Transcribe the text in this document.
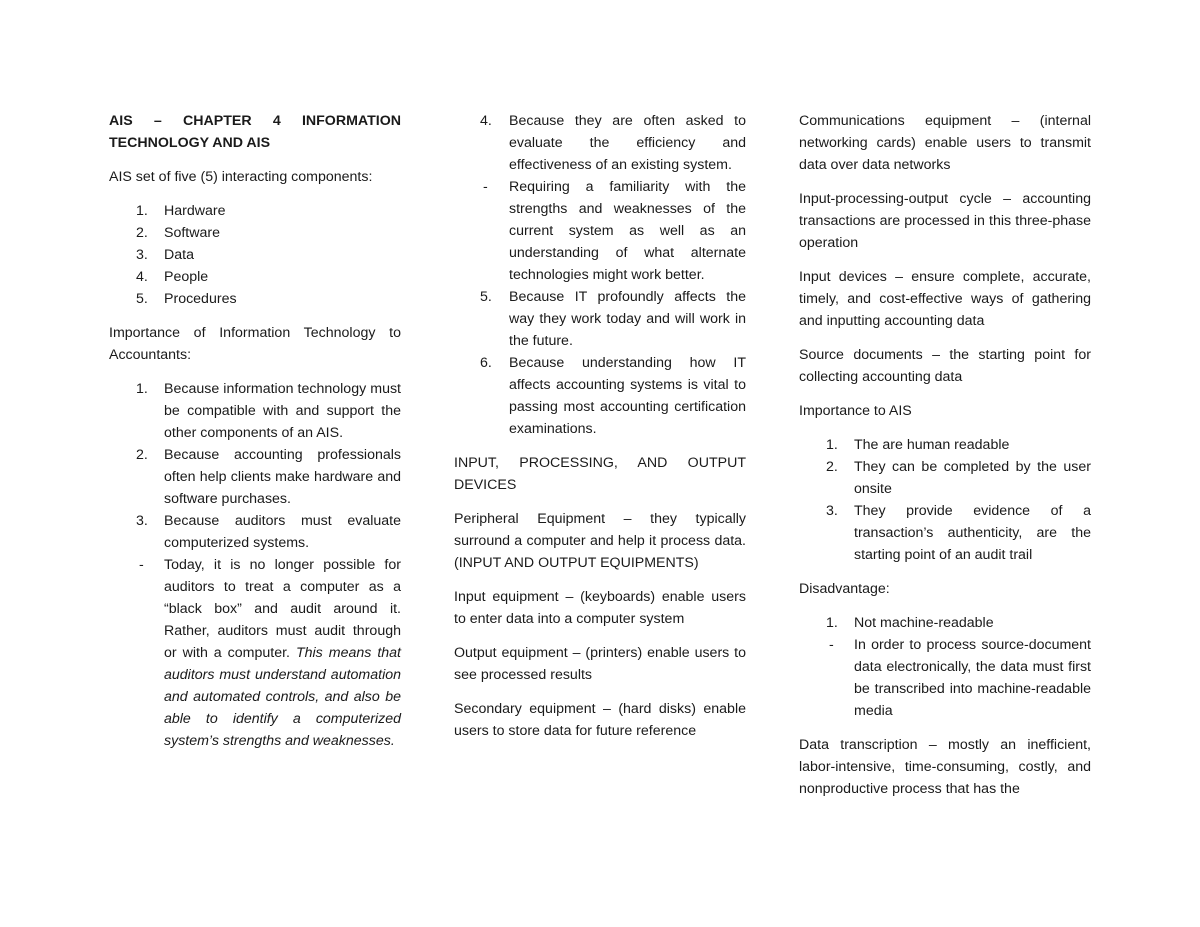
AIS – CHAPTER 4 INFORMATION

TECHNOLOGY AND AIS

AIS set of five (5) interacting components:

1.	Hardware
2.	Software
3.	Data
4.	People
5.	Procedures

Importance of Information Technology to Accountants:

1.	Because information technology must be compatible with and support the other components of an AIS.
2.	Because accounting professionals often help clients make hardware and software purchases.
3.	Because auditors must evaluate computerized systems.
-	Today, it is no longer possible for auditors to treat a computer as a “black box” and audit around it. Rather, auditors must audit through or with a computer. This means that auditors must understand automation and automated controls, and also be able to identify a computerized system’s strengths and weaknesses.
4.	Because they are often asked to evaluate the efficiency and effectiveness of an existing system.
-	Requiring a familiarity with the strengths and weaknesses of the current system as well as an understanding of what alternate technologies might work better.
5.	Because IT profoundly affects the way they work today and will work in the future.
6.	Because understanding how IT affects accounting systems is vital to passing most accounting certification examinations.

INPUT, PROCESSING, AND OUTPUT DEVICES

Peripheral Equipment – they typically surround a computer and help it process data. (INPUT AND OUTPUT EQUIPMENTS)

Input equipment – (keyboards) enable users to enter data into a computer system

Output equipment – (printers) enable users to see processed results

Secondary equipment – (hard disks) enable users to store data for future reference

Communications equipment – (internal networking cards) enable users to transmit data over data networks

Input-processing-output cycle – accounting transactions are processed in this three-phase operation

Input devices – ensure complete, accurate, timely, and cost-effective ways of gathering and inputting accounting data

Source documents – the starting point for collecting accounting data

Importance to AIS

1.	The are human readable
2.	They can be completed by the user onsite
3.	They provide evidence of a transaction’s authenticity, are the starting point of an audit trail

Disadvantage:

1.	Not machine-readable
-	In order to process source-document data electronically, the data must first be transcribed into machine-readable media

Data transcription – mostly an inefficient, labor-intensive, time-consuming, costly, and nonproductive process that has the
